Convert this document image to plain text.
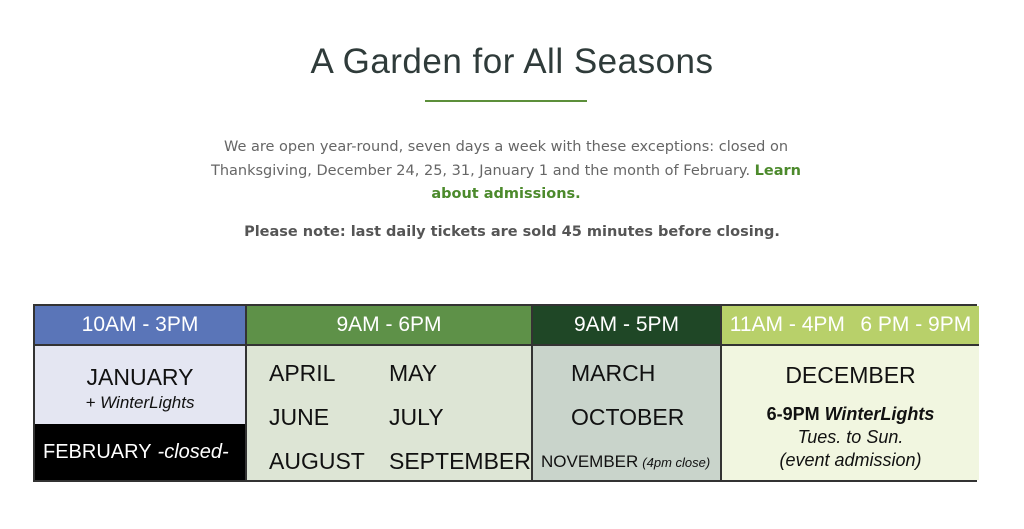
A Garden for All Seasons
We are open year-round, seven days a week with these exceptions: closed on Thanksgiving, December 24, 25, 31, January 1 and the month of February. Learn about admissions.
Please note: last daily tickets are sold 45 minutes before closing.
10AM - 3PM
JANUARY
+ WinterLights
FEBRUARY -closed-
9AM - 6PM
APRIL MAY
JUNE	JULY
AUGUST SEPTEMBER
9AM - 5PM
MARCH
OCTOBER
NOVEMBER (4pm close)
11AM - 4PM 6 PM - 9PM
DECEMBER
6-9PM WinterLights
Tues. to Sun.
(event admission)
